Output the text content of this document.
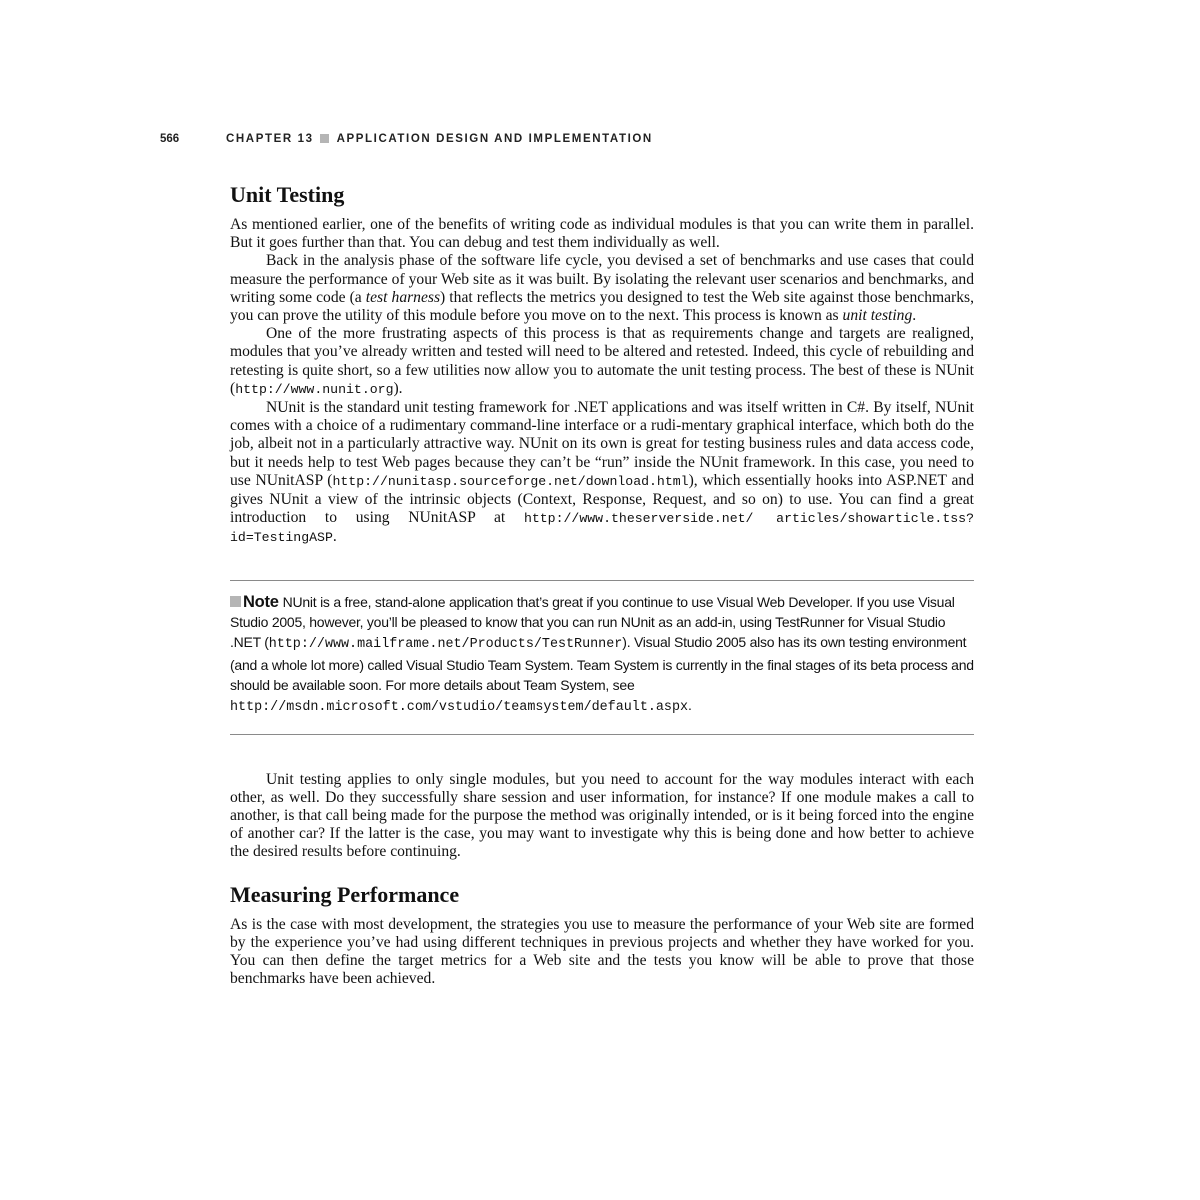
566	CHAPTER 13 APPLICATION DESIGN AND IMPLEMENTATION
Unit Testing

As mentioned earlier, one of the benefits of writing code as individual modules is that you can write them in parallel. But it goes further than that. You can debug and test them individually as well.

Back in the analysis phase of the software life cycle, you devised a set of benchmarks and use cases that could measure the performance of your Web site as it was built. By isolating the relevant user scenarios and benchmarks, and writing some code (a test harness) that reflects the metrics you designed to test the Web site against those benchmarks, you can prove the utility of this module before you move on to the next. This process is known as unit testing.

One of the more frustrating aspects of this process is that as requirements change and targets are realigned, modules that you’ve already written and tested will need to be altered and retested. Indeed, this cycle of rebuilding and retesting is quite short, so a few utilities now allow you to automate the unit testing process. The best of these is NUnit (http://www.nunit.org).

NUnit is the standard unit testing framework for .NET applications and was itself written in C#. By itself, NUnit comes with a choice of a rudimentary command-line interface or a rudi-mentary graphical interface, which both do the job, albeit not in a particularly attractive way. NUnit on its own is great for testing business rules and data access code, but it needs help to test Web pages because they can’t be “run” inside the NUnit framework. In this case, you need to use NUnitASP (http://nunitasp.sourceforge.net/download.html), which essentially hooks into ASP.NET and gives NUnit a view of the intrinsic objects (Context, Response, Request, and so on) to use. You can find a great introduction to using NUnitASP at http://www.theserverside.net/ articles/showarticle.tss?id=TestingASP.

Note NUnit is a free, stand-alone application that’s great if you continue to use Visual Web Developer. If you use Visual Studio 2005, however, you’ll be pleased to know that you can run NUnit as an add-in, using TestRunner for Visual Studio .NET (http://www.mailframe.net/Products/TestRunner). Visual Studio 2005 also has its own testing environment (and a whole lot more) called Visual Studio Team System. Team System is currently in the final stages of its beta process and should be available soon. For more details about Team System, see http://msdn.microsoft.com/vstudio/teamsystem/default.aspx.

Unit testing applies to only single modules, but you need to account for the way modules interact with each other, as well. Do they successfully share session and user information, for instance? If one module makes a call to another, is that call being made for the purpose the method was originally intended, or is it being forced into the engine of another car? If the latter is the case, you may want to investigate why this is being done and how better to achieve the desired results before continuing.

Measuring Performance

As is the case with most development, the strategies you use to measure the performance of your Web site are formed by the experience you’ve had using different techniques in previous projects and whether they have worked for you. You can then define the target metrics for a Web site and the tests you know will be able to prove that those benchmarks have been achieved.
